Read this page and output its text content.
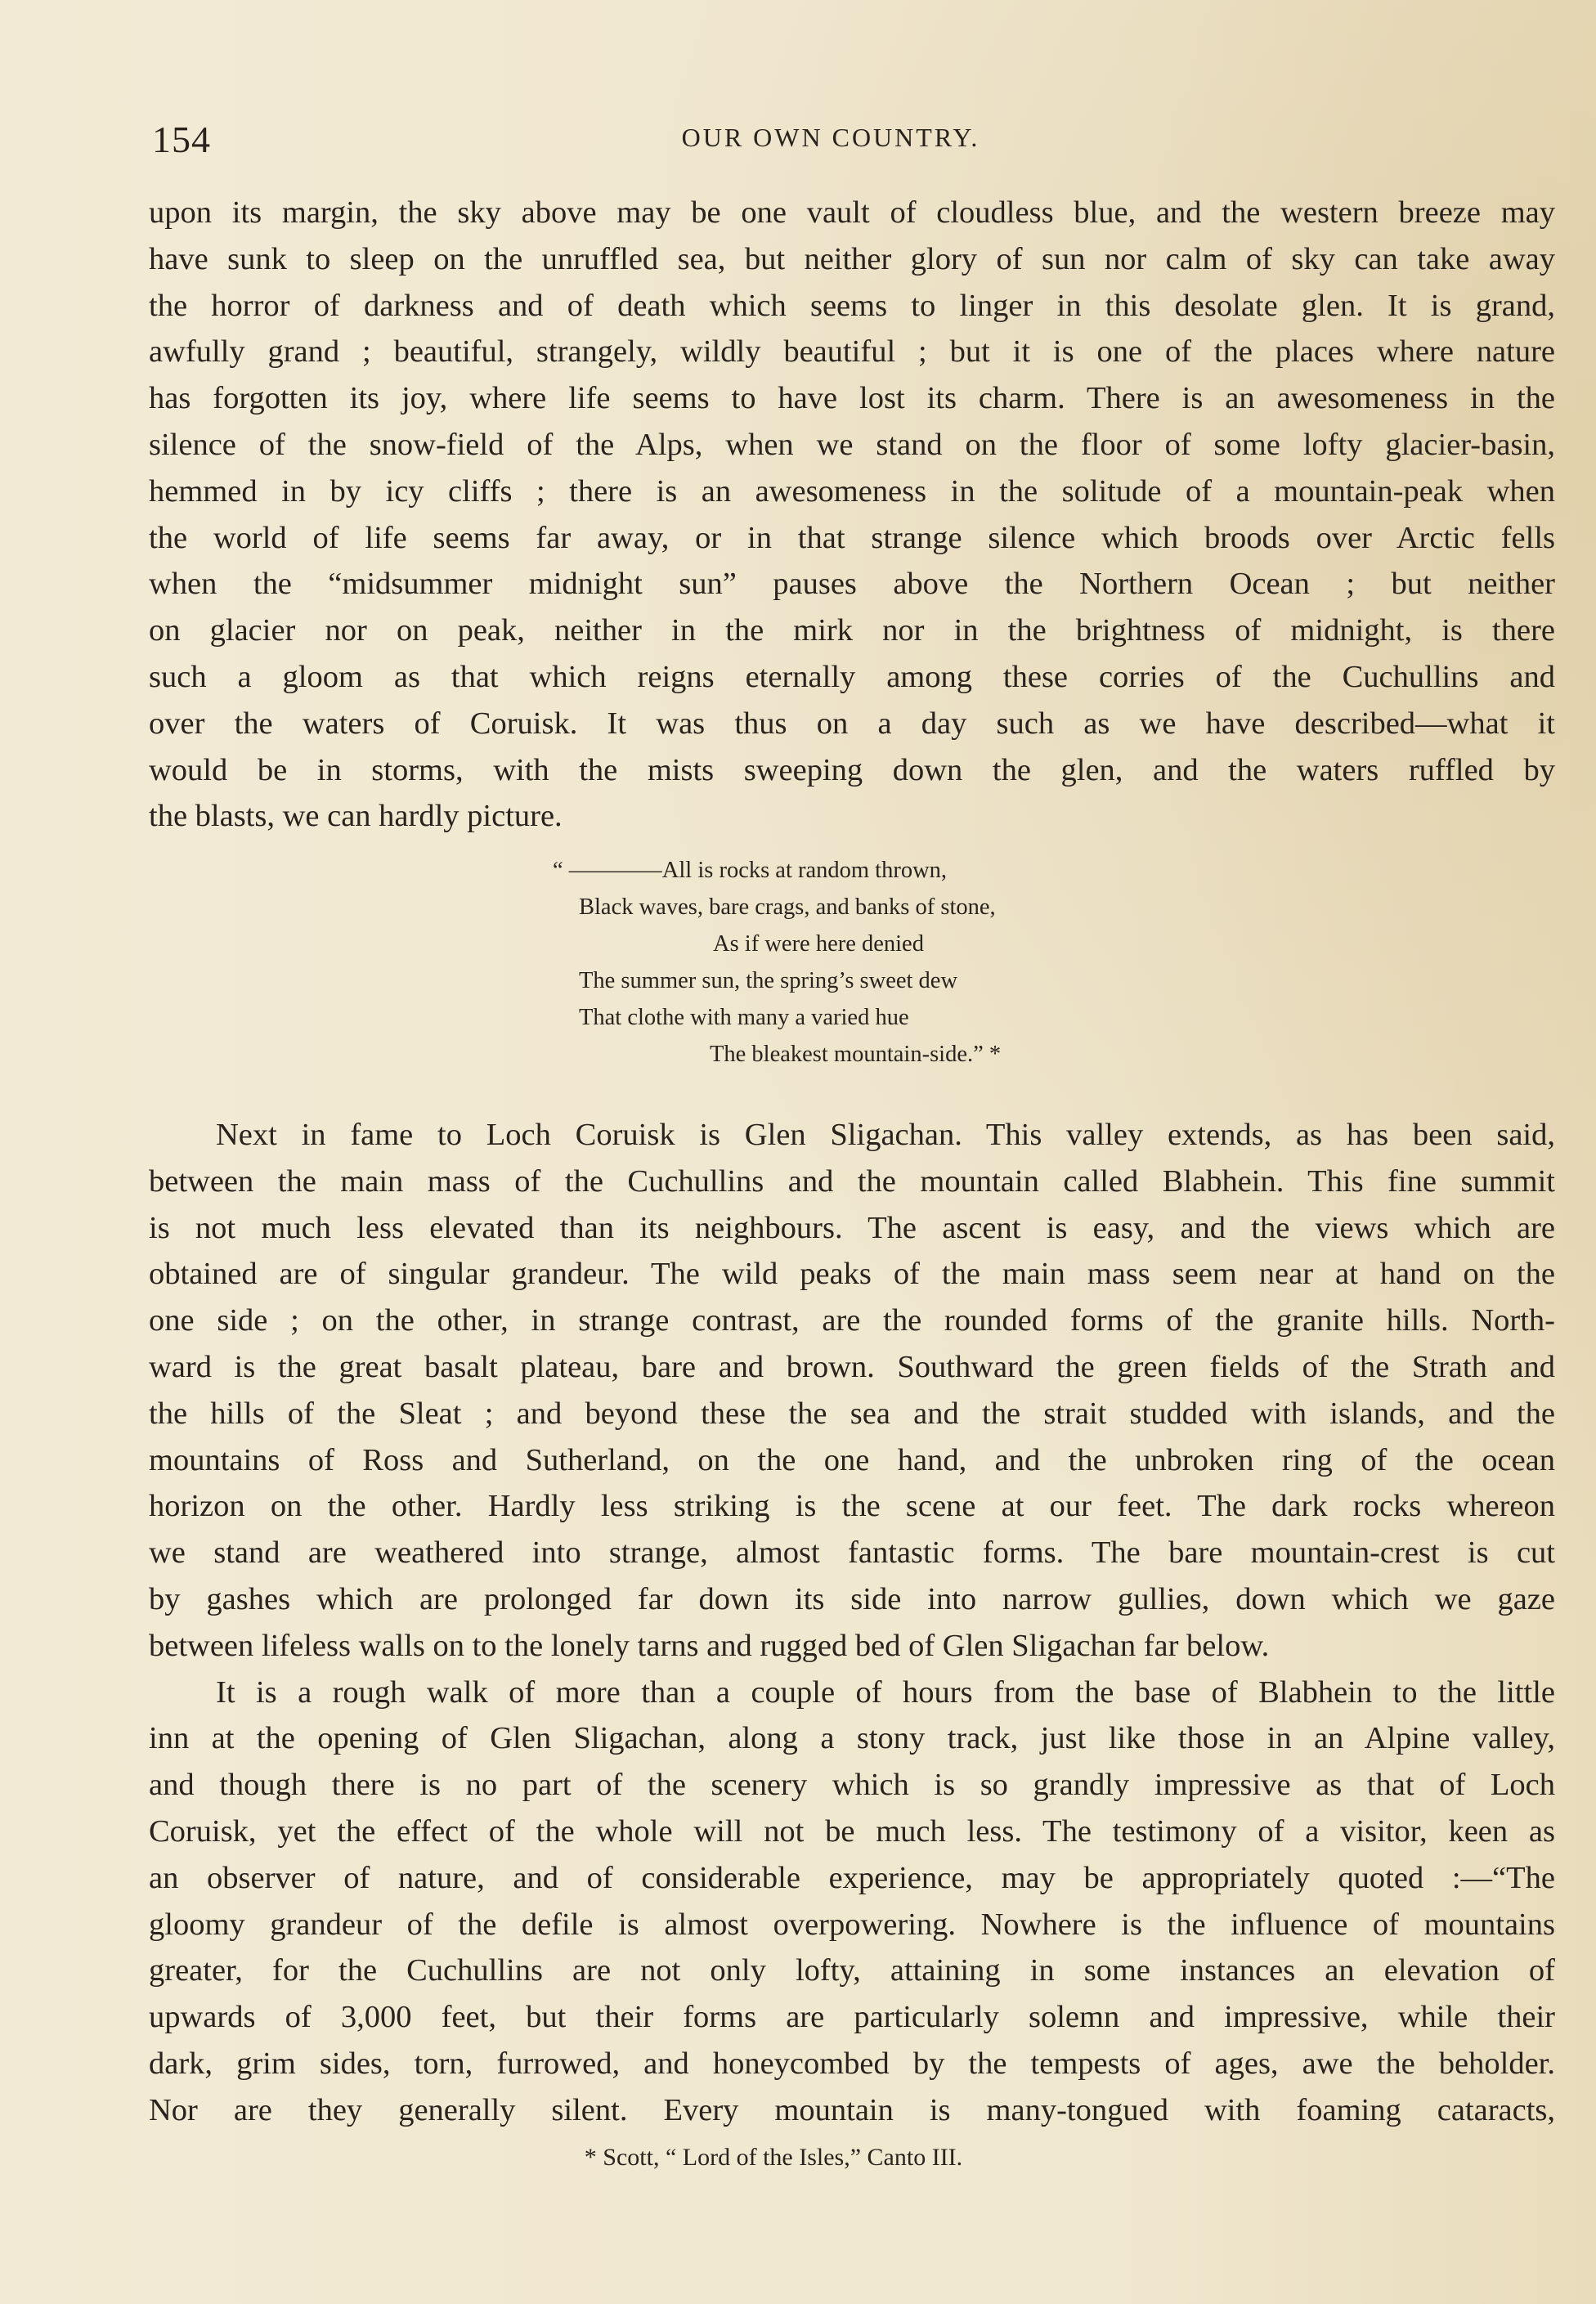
154	OUR OWN COUNTRY.
upon its margin, the sky above may be one vault of cloudless blue, and the western breeze may
have sunk to sleep on the unruffled sea, but neither glory of sun nor calm of sky can take away
the horror of darkness and of death which seems to linger in this desolate glen. It is grand,
awfully grand ; beautiful, strangely, wildly beautiful ; but it is one of the places where nature
has forgotten its joy, where life seems to have lost its charm. There is an awesomeness in the
silence of the snow-field of the Alps, when we stand on the floor of some lofty glacier-basin,
hemmed in by icy cliffs ; there is an awesomeness in the solitude of a mountain-peak when
the world of life seems far away, or in that strange silence which broods over Arctic fells
when the “midsummer midnight sun” pauses above the Northern Ocean ; but neither
on glacier nor on peak, neither in the mirk nor in the brightness of midnight, is there
such a gloom as that which reigns eternally among these corries of the Cuchullins and
over the waters of Coruisk. It was thus on a day such as we have described—what it
would be in storms, with the mists sweeping down the glen, and the waters ruffled by
the blasts, we can hardly picture.
“ ————All is rocks at random thrown,
Black waves, bare crags, and banks of stone,
As if were here denied
The summer sun, the spring’s sweet dew
That clothe with many a varied hue
The bleakest mountain-side.” *
Next in fame to Loch Coruisk is Glen Sligachan. This valley extends, as has been said,
between the main mass of the Cuchullins and the mountain called Blabhein. This fine summit
is not much less elevated than its neighbours. The ascent is easy, and the views which are
obtained are of singular grandeur. The wild peaks of the main mass seem near at hand on the
one side ; on the other, in strange contrast, are the rounded forms of the granite hills. North-
ward is the great basalt plateau, bare and brown. Southward the green fields of the Strath and
the hills of the Sleat ; and beyond these the sea and the strait studded with islands, and the
mountains of Ross and Sutherland, on the one hand, and the unbroken ring of the ocean
horizon on the other. Hardly less striking is the scene at our feet. The dark rocks whereon
we stand are weathered into strange, almost fantastic forms. The bare mountain-crest is cut
by gashes which are prolonged far down its side into narrow gullies, down which we gaze
between lifeless walls on to the lonely tarns and rugged bed of Glen Sligachan far below.
It is a rough walk of more than a couple of hours from the base of Blabhein to the little
inn at the opening of Glen Sligachan, along a stony track, just like those in an Alpine valley,
and though there is no part of the scenery which is so grandly impressive as that of Loch
Coruisk, yet the effect of the whole will not be much less. The testimony of a visitor, keen as
an observer of nature, and of considerable experience, may be appropriately quoted :—“The
gloomy grandeur of the defile is almost overpowering. Nowhere is the influence of mountains
greater, for the Cuchullins are not only lofty, attaining in some instances an elevation of
upwards of 3,000 feet, but their forms are particularly solemn and impressive, while their
dark, grim sides, torn, furrowed, and honeycombed by the tempests of ages, awe the beholder.
Nor are they generally silent. Every mountain is many-tongued with foaming cataracts,
* Scott, “ Lord of the Isles,” Canto III.
